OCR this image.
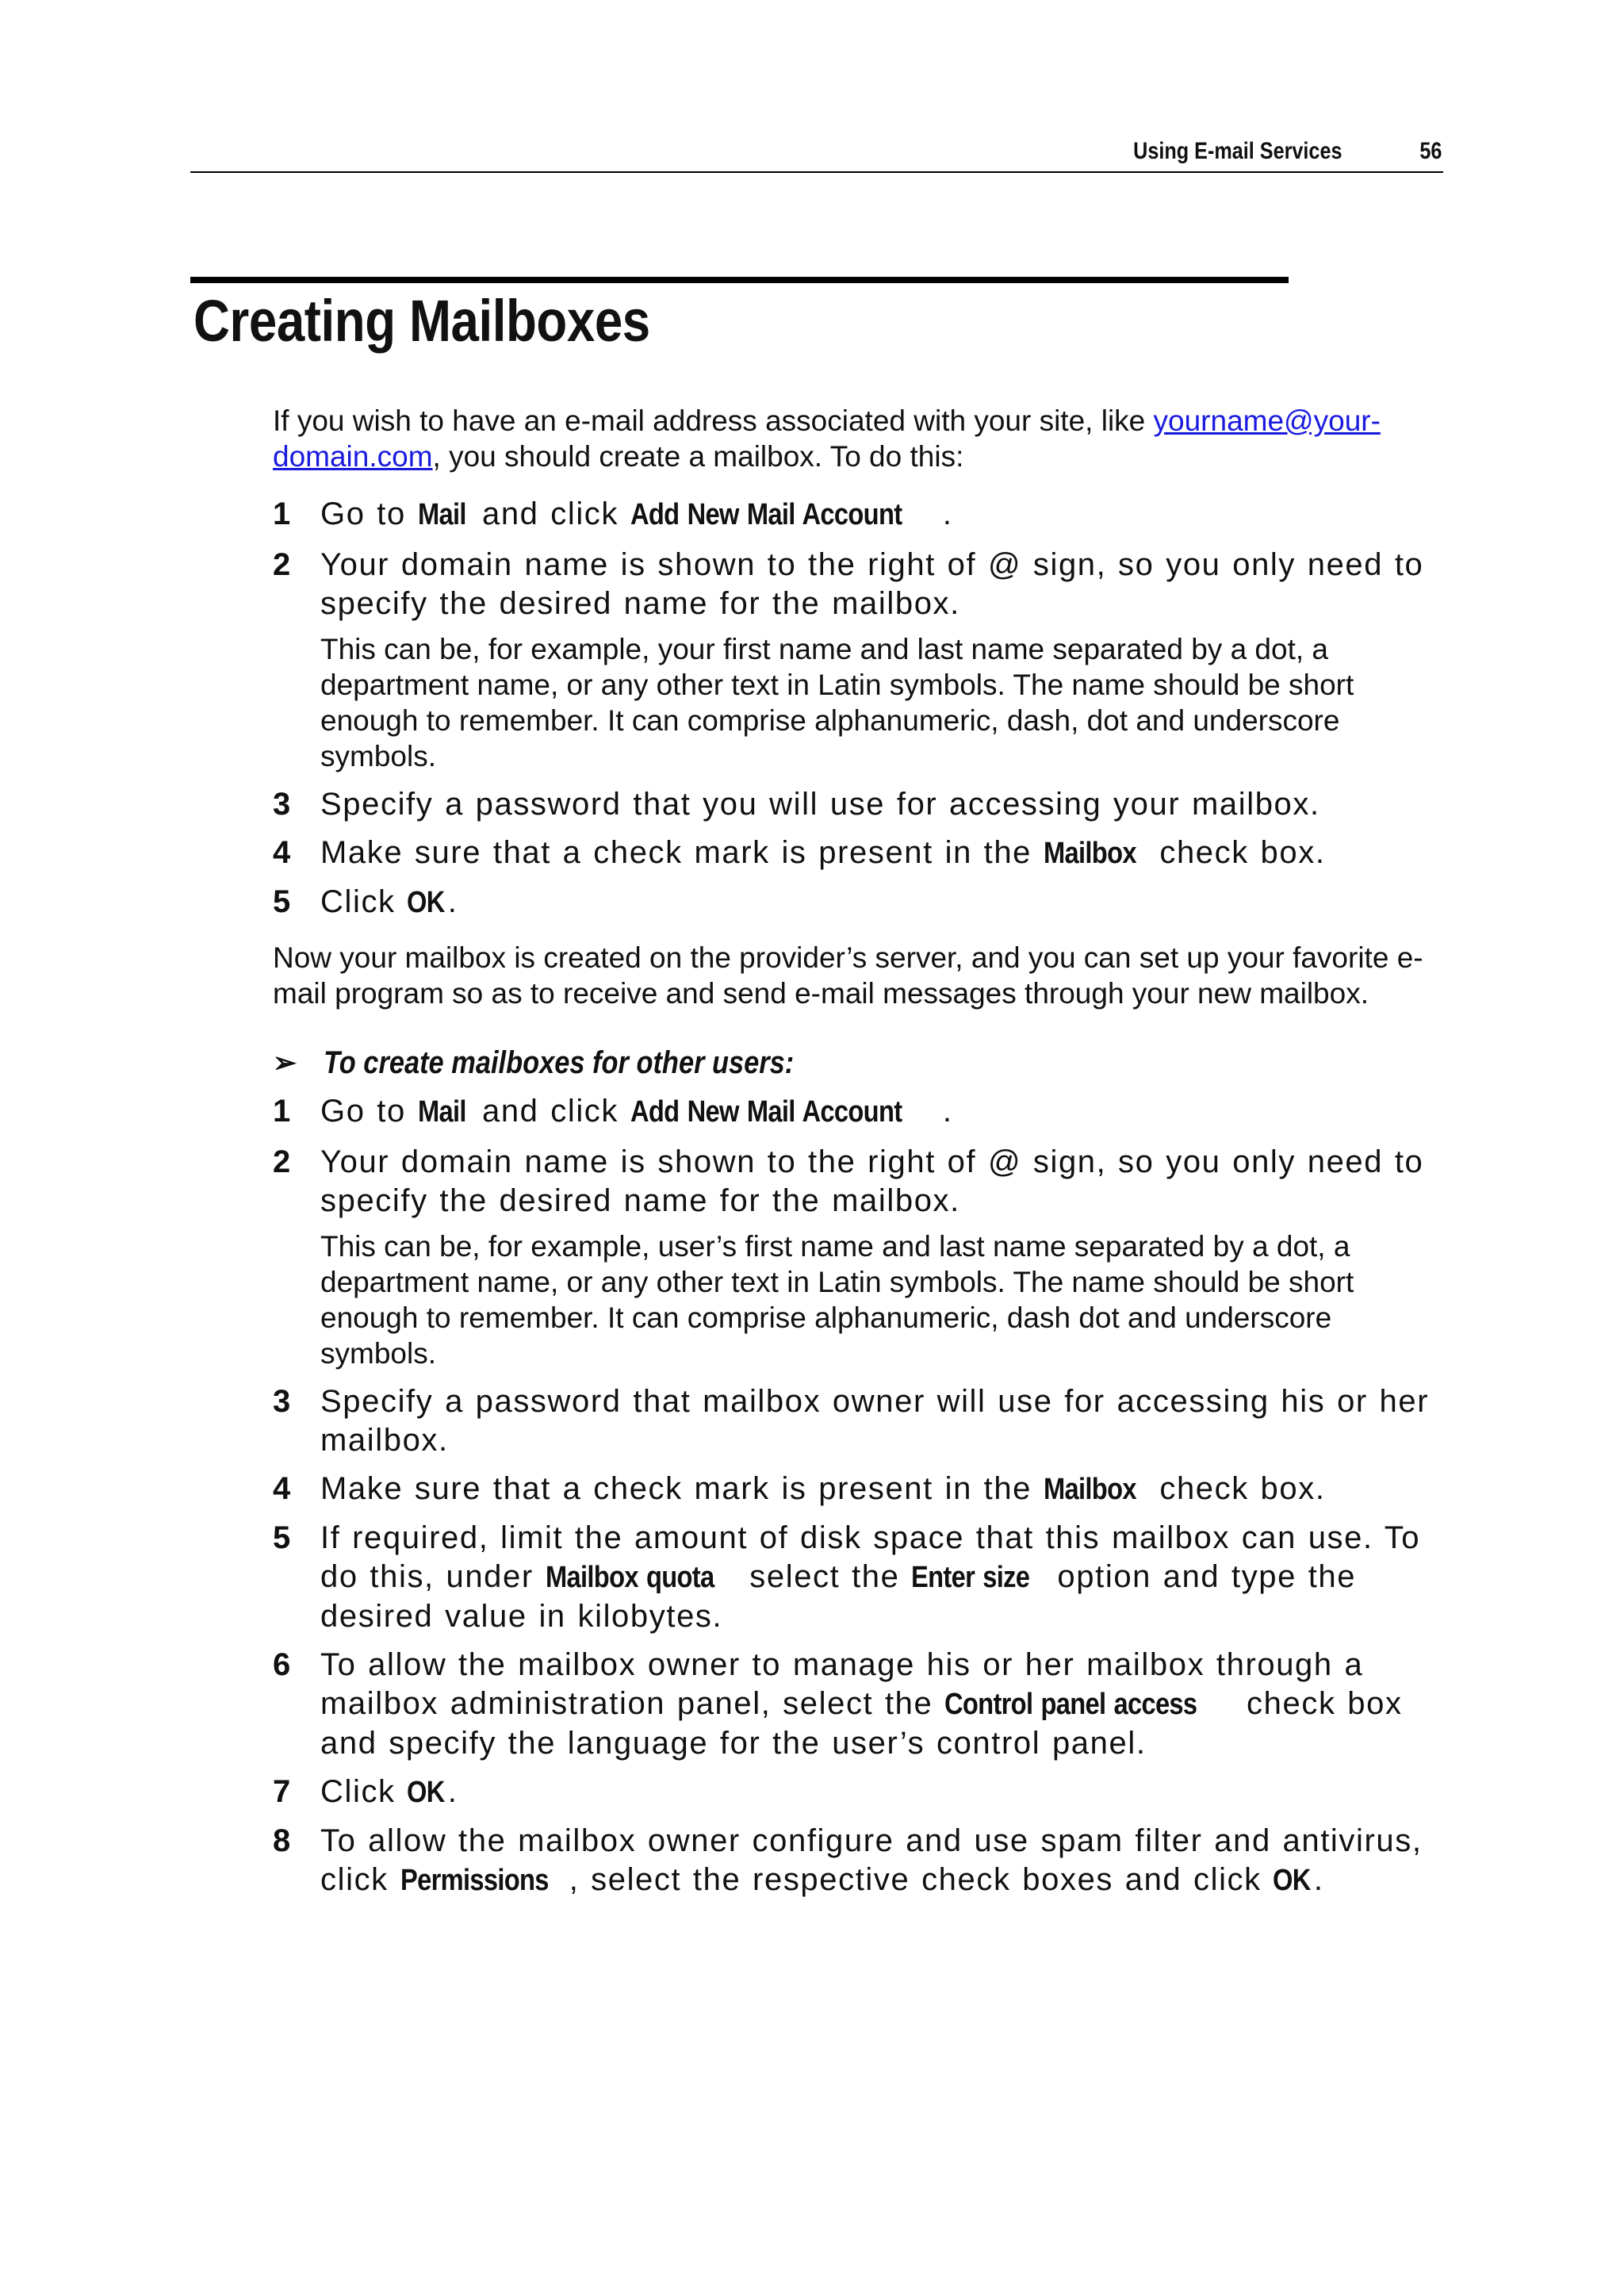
Using E-mail Services	56
Creating Mailboxes

If you wish to have an e-mail address associated with your site, like yourname@your-
domain.com, you should create a mailbox. To do this:

1 Go to Mail and click Add New Mail Account .
2 Your domain name is shown to the right of @ sign, so you only need to specify the desired name for the mailbox.
This can be, for example, your first name and last name separated by a dot, a department name, or any other text in Latin symbols. The name should be short enough to remember. It can comprise alphanumeric, dash, dot and underscore symbols.
3 Specify a password that you will use for accessing your mailbox.
4 Make sure that a check mark is present in the Mailbox check box.
5 Click OK.

Now your mailbox is created on the provider’s server, and you can set up your favorite e-mail program so as to receive and send e-mail messages through your new mailbox.

➢ To create mailboxes for other users:
1 Go to Mail and click Add New Mail Account .
2 Your domain name is shown to the right of @ sign, so you only need to specify the desired name for the mailbox.
This can be, for example, user’s first name and last name separated by a dot, a department name, or any other text in Latin symbols. The name should be short enough to remember. It can comprise alphanumeric, dash dot and underscore symbols.
3 Specify a password that mailbox owner will use for accessing his or her mailbox.
4 Make sure that a check mark is present in the Mailbox check box.
5 If required, limit the amount of disk space that this mailbox can use. To do this, under Mailbox quota select the Enter size option and type the desired value in kilobytes.
6 To allow the mailbox owner to manage his or her mailbox through a mailbox administration panel, select the Control panel access check box and specify the language for the user’s control panel.
7 Click OK.
8 To allow the mailbox owner configure and use spam filter and antivirus, click Permissions , select the respective check boxes and click OK.
